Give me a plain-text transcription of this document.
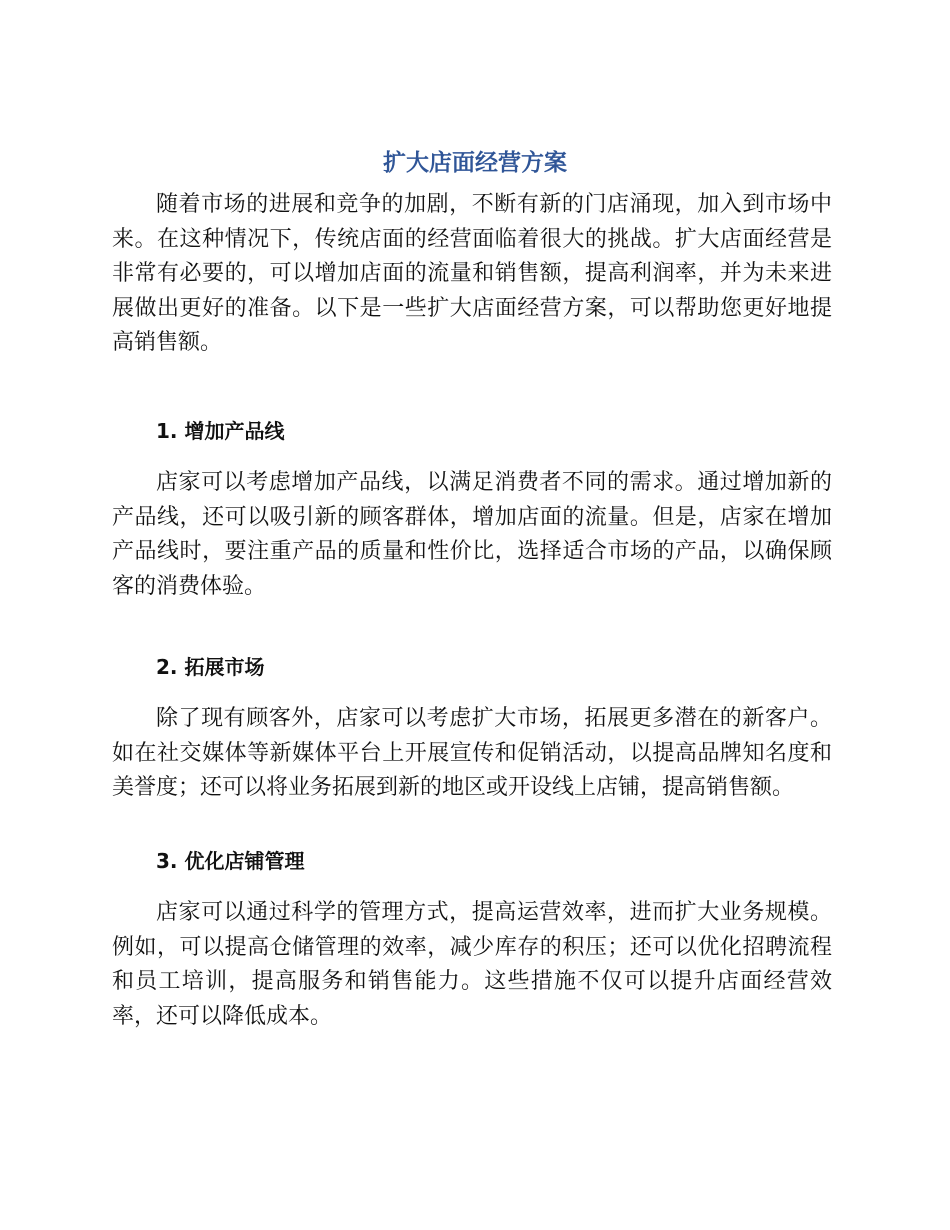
扩大店面经营方案

随着市场的进展和竞争的加剧，不断有新的门店涌现，加入到市场中来。在这种情况下，传统店面的经营面临着很大的挑战。扩大店面经营是非常有必要的，可以增加店面的流量和销售额，提高利润率，并为未来进展做出更好的准备。以下是一些扩大店面经营方案，可以帮助您更好地提高销售额。

1. 增加产品线

店家可以考虑增加产品线，以满足消费者不同的需求。通过增加新的产品线，还可以吸引新的顾客群体，增加店面的流量。但是，店家在增加产品线时，要注重产品的质量和性价比，选择适合市场的产品，以确保顾客的消费体验。

2. 拓展市场

除了现有顾客外，店家可以考虑扩大市场，拓展更多潜在的新客户。如在社交媒体等新媒体平台上开展宣传和促销活动，以提高品牌知名度和美誉度；还可以将业务拓展到新的地区或开设线上店铺，提高销售额。

3. 优化店铺管理

店家可以通过科学的管理方式，提高运营效率，进而扩大业务规模。例如，可以提高仓储管理的效率，减少库存的积压；还可以优化招聘流程和员工培训，提高服务和销售能力。这些措施不仅可以提升店面经营效率，还可以降低成本。
